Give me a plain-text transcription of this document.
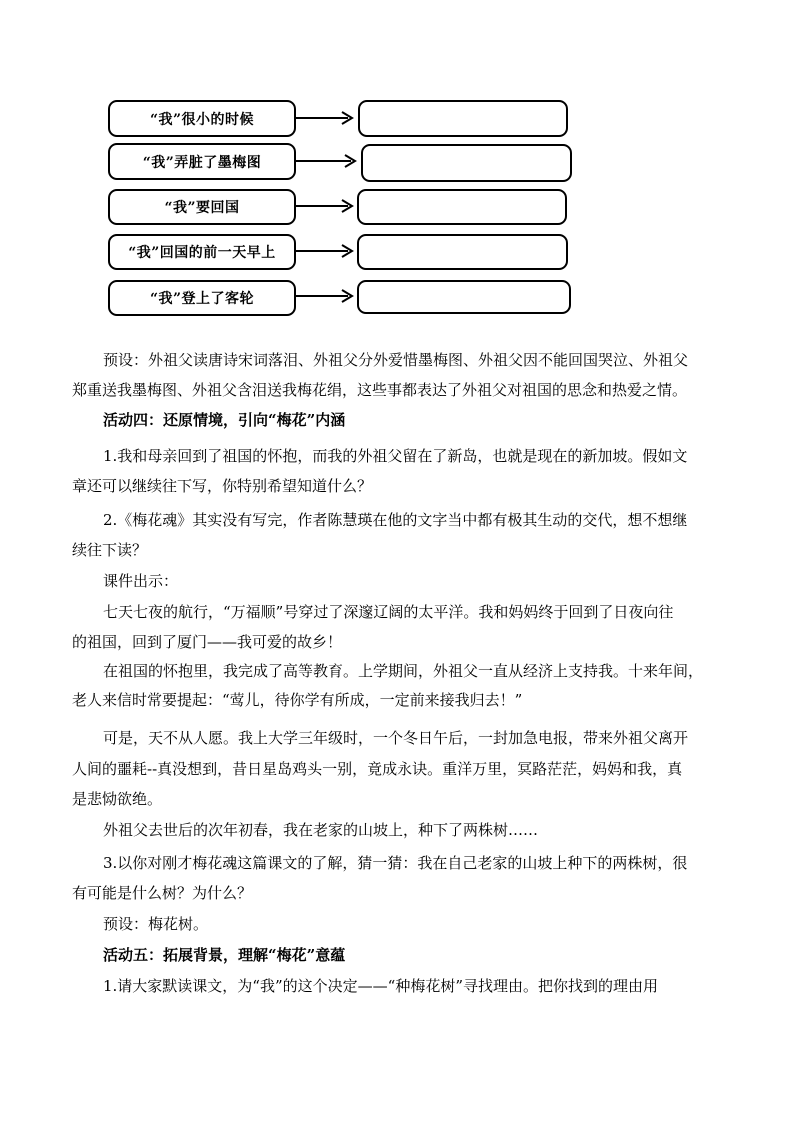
“我”很小的时候
“我”弄脏了墨梅图
“我”要回国
“我”回国的前一天早上
“我”登上了客轮

预设：外祖父读唐诗宋词落泪、外祖父分外爱惜墨梅图、外祖父因不能回国哭泣、外祖父

郑重送我墨梅图、外祖父含泪送我梅花绢，这些事都表达了外祖父对祖国的思念和热爱之情。

活动四：还原情境，引向“梅花”内涵

1.我和母亲回到了祖国的怀抱，而我的外祖父留在了新岛，也就是现在的新加坡。假如文

章还可以继续往下写，你特别希望知道什么？

2.《梅花魂》其实没有写完，作者陈慧瑛在他的文字当中都有极其生动的交代，想不想继

续往下读？

课件出示：

七天七夜的航行，“万福顺”号穿过了深邃辽阔的太平洋。我和妈妈终于回到了日夜向往

的祖国，回到了厦门——我可爱的故乡！

在祖国的怀抱里，我完成了高等教育。上学期间，外祖父一直从经济上支持我。十来年间，

老人来信时常要提起：“莺儿，待你学有所成，一定前来接我归去！”

可是，天不从人愿。我上大学三年级时，一个冬日午后，一封加急电报，带来外祖父离开

人间的噩耗--真没想到，昔日星岛鸡头一别，竟成永诀。重洋万里，冥路茫茫，妈妈和我，真

是悲恸欲绝。

外祖父去世后的次年初春，我在老家的山坡上，种下了两株树……

3.以你对刚才梅花魂这篇课文的了解，猜一猜：我在自己老家的山坡上种下的两株树，很

有可能是什么树？为什么？

预设：梅花树。

活动五：拓展背景，理解“梅花”意蕴

1.请大家默读课文，为“我”的这个决定——“种梅花树”寻找理由。把你找到的理由用
